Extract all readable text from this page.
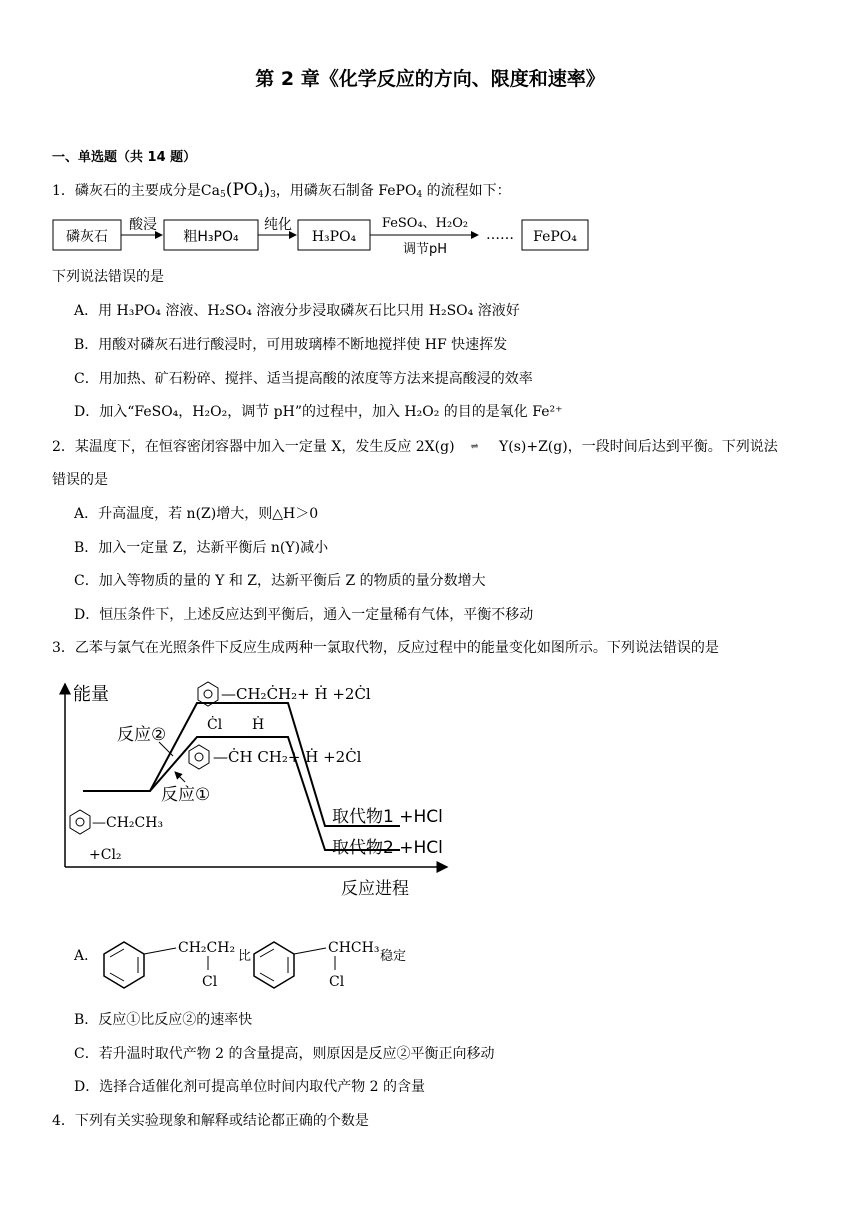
第 2 章《化学反应的方向、限度和速率》
一、单选题（共 14 题）
1．磷灰石的主要成分是$Ca_5(PO_4)_3$，用磷灰石制备 FePO$_4$ 的流程如下：
磷灰石
酸浸
粗H₃PO₄
纯化
H₃PO₄
FeSO₄、H₂O₂
调节pH
…… FePO₄
下列说法错误的是
A．用 H₃PO₄ 溶液、H₂SO₄ 溶液分步浸取磷灰石比只用 H₂SO₄ 溶液好
B．用酸对磷灰石进行酸浸时，可用玻璃棒不断地搅拌使 HF 快速挥发
C．用加热、矿石粉碎、搅拌、适当提高酸的浓度等方法来提高酸浸的效率
D．加入“FeSO₄，H₂O₂，调节 pH”的过程中，加入 H₂O₂ 的目的是氧化 Fe²⁺
2．某温度下，在恒容密闭容器中加入一定量 X，发生反应 2X(g) ⇌ Y(s)+Z(g)，一段时间后达到平衡。下列说法
错误的是
A．升高温度，若 n(Z)增大，则△H＞0
B．加入一定量 Z，达新平衡后 n(Y)减小
C．加入等物质的量的 Y 和 Z，达新平衡后 Z 的物质的量分数增大
D．恒压条件下，上述反应达到平衡后，通入一定量稀有气体，平衡不移动
3．乙苯与氯气在光照条件下反应生成两种一氯取代物，反应过程中的能量变化如图所示。下列说法错误的是
能量
反应进程
反应②
反应①
—CH₂CH₃
+Cl₂
—CH₂ĊH₂+ Ḣ +2Ċl
Ċl Ḣ
—ĊH CH₂+ Ḣ +2Ċl
取代物1 +HCl
取代物2 +HCl
A．	CH₂CH₂
Cl
比
CHCH₃
Cl
稳定
B．反应①比反应②的速率快
C．若升温时取代产物 2 的含量提高，则原因是反应②平衡正向移动
D．选择合适催化剂可提高单位时间内取代产物 2 的含量
4．下列有关实验现象和解释或结论都正确的个数是
